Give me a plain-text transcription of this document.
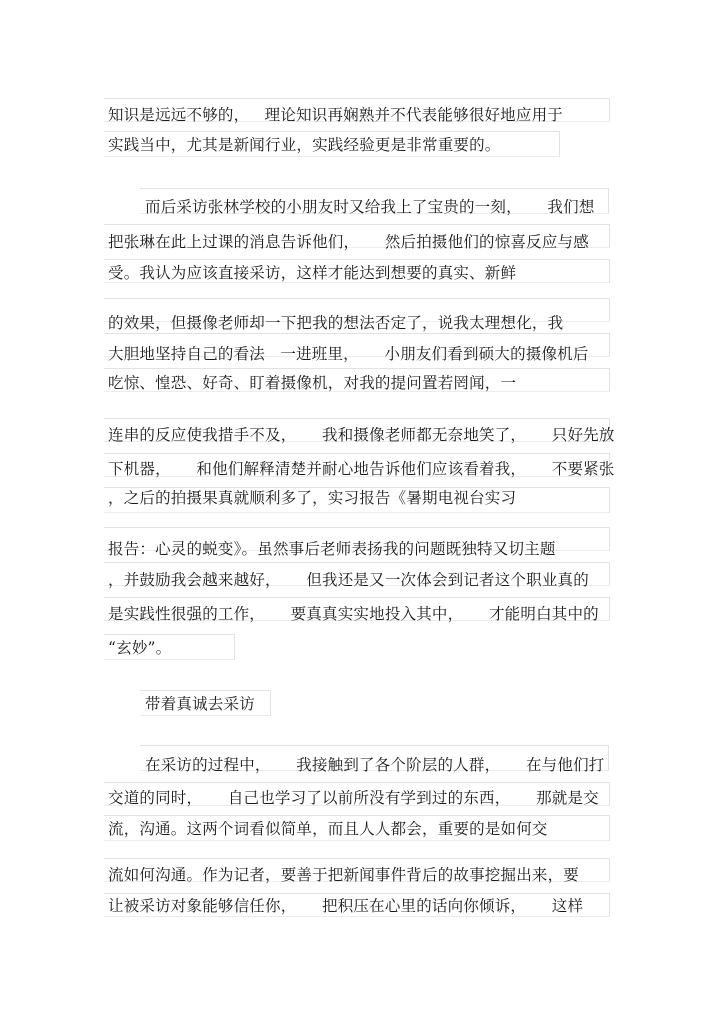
知识是远远不够的，   理论知识再娴熟并不代表能够很好地应用于
实践当中，尤其是新闻行业，实践经验更是非常重要的。
而后采访张林学校的小朋友时又给我上了宝贵的一刻，     我们想
把张琳在此上过课的消息告诉他们，     然后拍摄他们的惊喜反应与感
受。我认为应该直接采访，这样才能达到想要的真实、新鲜
的效果，但摄像老师却一下把我的想法否定了，说我太理想化，我
大胆地坚持自己的看法   一进班里，     小朋友们看到硕大的摄像机后
吃惊、惶恐、好奇、盯着摄像机，对我的提问置若罔闻，一
连串的反应使我措手不及，     我和摄像老师都无奈地笑了，     只好先放
下机器，     和他们解释清楚并耐心地告诉他们应该看着我，     不要紧张
，之后的拍摄果真就顺利多了，实习报告《暑期电视台实习
报告：心灵的蜕变》。虽然事后老师表扬我的问题既独特又切主题
，并鼓励我会越来越好，     但我还是又一次体会到记者这个职业真的
是实践性很强的工作，     要真真实实地投入其中，     才能明白其中的
“玄妙”。
带着真诚去采访
在采访的过程中，     我接触到了各个阶层的人群，     在与他们打
交道的同时，     自己也学习了以前所没有学到过的东西，     那就是交
流，沟通。这两个词看似简单，而且人人都会，重要的是如何交
流如何沟通。作为记者，要善于把新闻事件背后的故事挖掘出来，要
让被采访对象能够信任你，     把积压在心里的话向你倾诉，     这样
